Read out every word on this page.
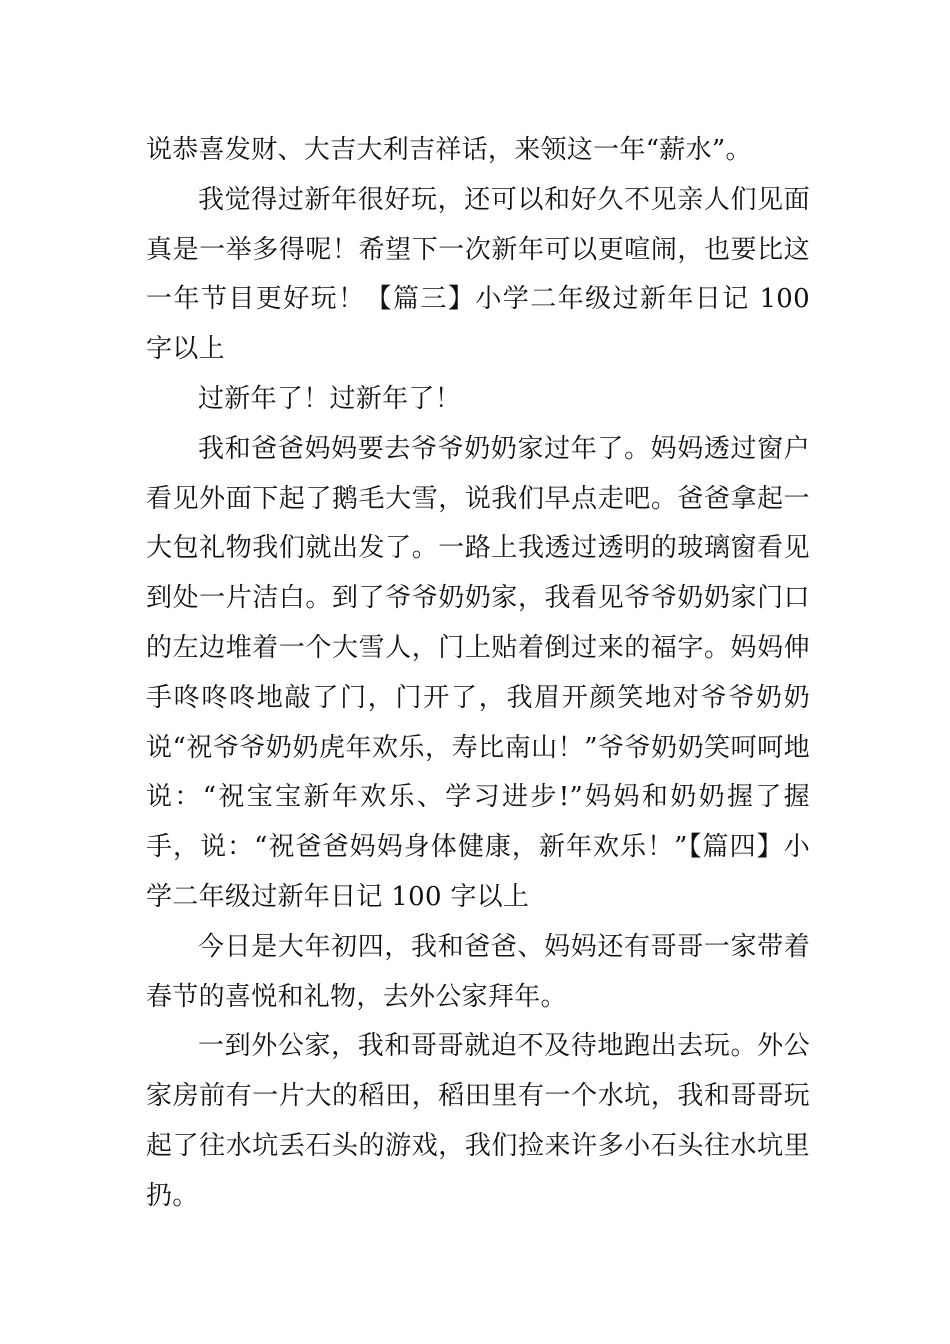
说恭喜发财、大吉大利吉祥话，来领这一年“薪水”。

我觉得过新年很好玩，还可以和好久不见亲人们见面真是一举多得呢！希望下一次新年可以更喧闹，也要比这一年节目更好玩！【篇三】小学二年级过新年日记 100 字以上

过新年了！过新年了！

我和爸爸妈妈要去爷爷奶奶家过年了。妈妈透过窗户看见外面下起了鹅毛大雪，说我们早点走吧。爸爸拿起一大包礼物我们就出发了。一路上我透过透明的玻璃窗看见到处一片洁白。到了爷爷奶奶家，我看见爷爷奶奶家门口的左边堆着一个大雪人，门上贴着倒过来的福字。妈妈伸手咚咚咚地敲了门，门开了，我眉开颜笑地对爷爷奶奶说“祝爷爷奶奶虎年欢乐，寿比南山！”爷爷奶奶笑呵呵地说：“祝宝宝新年欢乐、学习进步!”妈妈和奶奶握了握手，说：“祝爸爸妈妈身体健康，新年欢乐！”【篇四】小学二年级过新年日记 100 字以上

今日是大年初四，我和爸爸、妈妈还有哥哥一家带着春节的喜悦和礼物，去外公家拜年。

一到外公家，我和哥哥就迫不及待地跑出去玩。外公家房前有一片大的稻田，稻田里有一个水坑，我和哥哥玩起了往水坑丢石头的游戏，我们捡来许多小石头往水坑里扔。
